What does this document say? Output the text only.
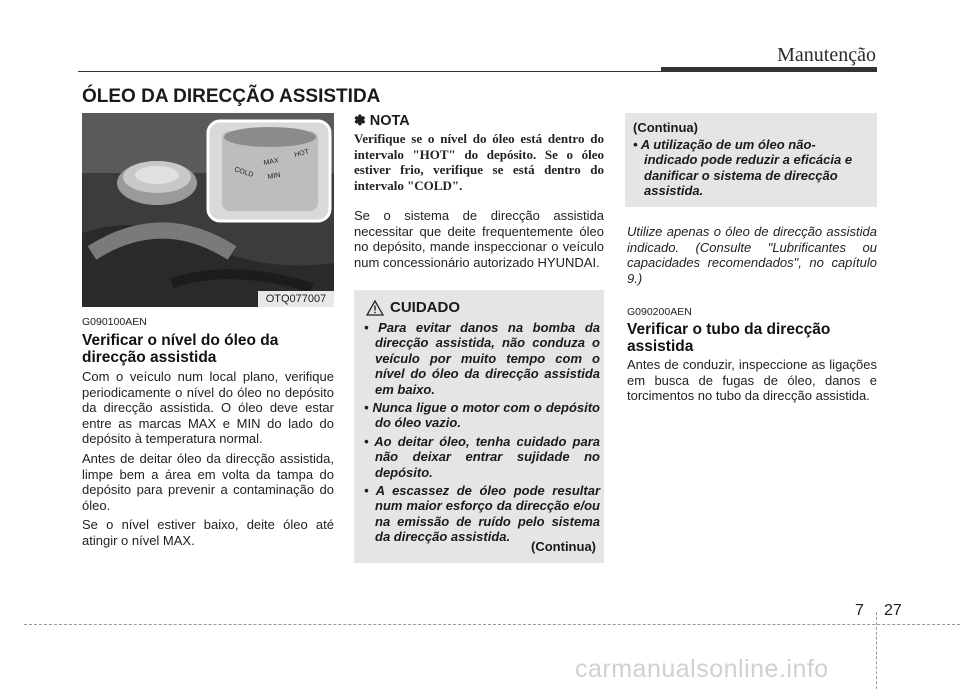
Manutenção
ÓLEO DA DIRECÇÃO ASSISTIDA
COLD
MAX
MIN
HOT
OTQ077007
G090100AEN
Verificar o nível do óleo da direcção assistida

Com o veículo num local plano, verifique periodicamente o nível do óleo no depósito da direcção assistida. O óleo deve estar entre as marcas MAX e MIN do lado do depósito à temperatura normal.

Antes de deitar óleo da direcção assistida, limpe bem a área em volta da tampa do depósito para prevenir a contaminação do óleo.

Se o nível estiver baixo, deite óleo até atingir o nível MAX.

✽ NOTA
Verifique se o nível do óleo está dentro do intervalo "HOT" do depósito. Se o óleo estiver frio, verifique se está dentro do intervalo "COLD".
Se o sistema de direcção assistida necessitar que deite frequentemente óleo no depósito, mande inspeccionar o veículo num concessionário autorizado HYUNDAI.
CUIDADO
• Para evitar danos na bomba da direcção assistida, não conduza o veículo por muito tempo com o nível do óleo da direcção assistida em baixo.
• Nunca ligue o motor com o depósito do óleo vazio.
• Ao deitar óleo, tenha cuidado para não deixar entrar sujidade no depósito.
• A escassez de óleo pode resultar num maior esforço da direcção e/ou na emissão de ruído pelo sistema da direcção assistida.
(Continua)
(Continua)
• A utilização de um óleo não-indicado pode reduzir a eficácia e danificar o sistema de direcção assistida.
Utilize apenas o óleo de direcção assistida indicado. (Consulte "Lubrificantes ou capacidades recomendados", no capítulo 9.)
G090200AEN
Verificar o tubo da direcção assistida
Antes de conduzir, inspeccione as ligações em busca de fugas de óleo, danos e torcimentos no tubo da direcção assistida.
7 27
carmanualsonline.info
